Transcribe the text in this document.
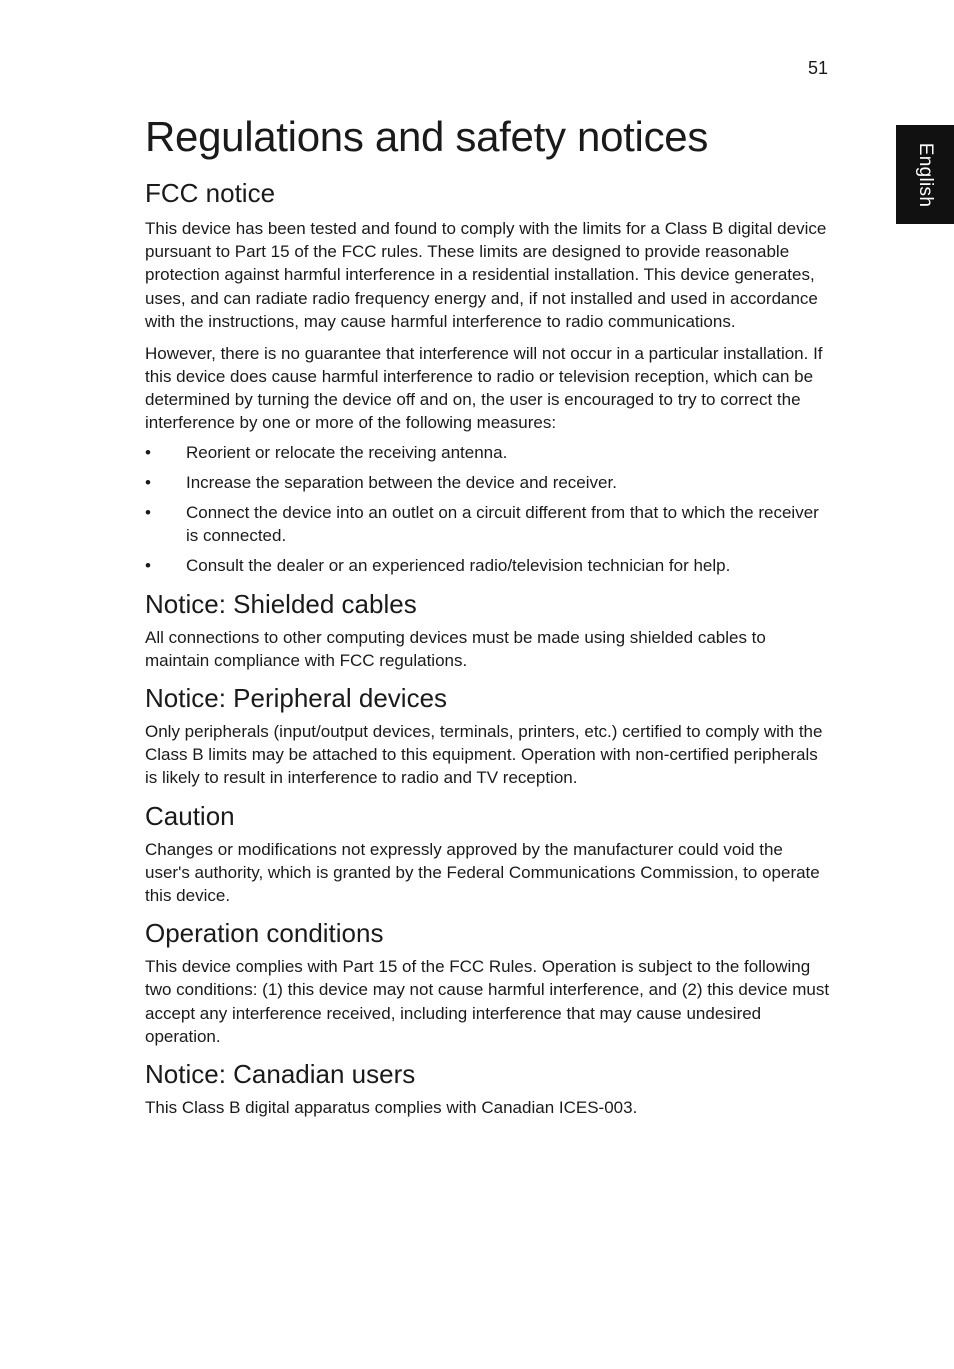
51
English
Regulations and safety notices
FCC notice

This device has been tested and found to comply with the limits for a Class B digital device pursuant to Part 15 of the FCC rules. These limits are designed to provide reasonable protection against harmful interference in a residential installation. This device generates, uses, and can radiate radio frequency energy and, if not installed and used in accordance with the instructions, may cause harmful interference to radio communications.

However, there is no guarantee that interference will not occur in a particular installation. If this device does cause harmful interference to radio or television reception, which can be determined by turning the device off and on, the user is encouraged to try to correct the interference by one or more of the following measures:

• Reorient or relocate the receiving antenna.
• Increase the separation between the device and receiver.
• Connect the device into an outlet on a circuit different from that to which the receiver is connected.
• Consult the dealer or an experienced radio/television technician for help.
Notice: Shielded cables

All connections to other computing devices must be made using shielded cables to maintain compliance with FCC regulations.

Notice: Peripheral devices

Only peripherals (input/output devices, terminals, printers, etc.) certified to comply with the Class B limits may be attached to this equipment. Operation with non-certified peripherals is likely to result in interference to radio and TV reception.

Caution

Changes or modifications not expressly approved by the manufacturer could void the user's authority, which is granted by the Federal Communications Commission, to operate this device.

Operation conditions

This device complies with Part 15 of the FCC Rules. Operation is subject to the following two conditions: (1) this device may not cause harmful interference, and (2) this device must accept any interference received, including interference that may cause undesired operation.

Notice: Canadian users

This Class B digital apparatus complies with Canadian ICES-003.
